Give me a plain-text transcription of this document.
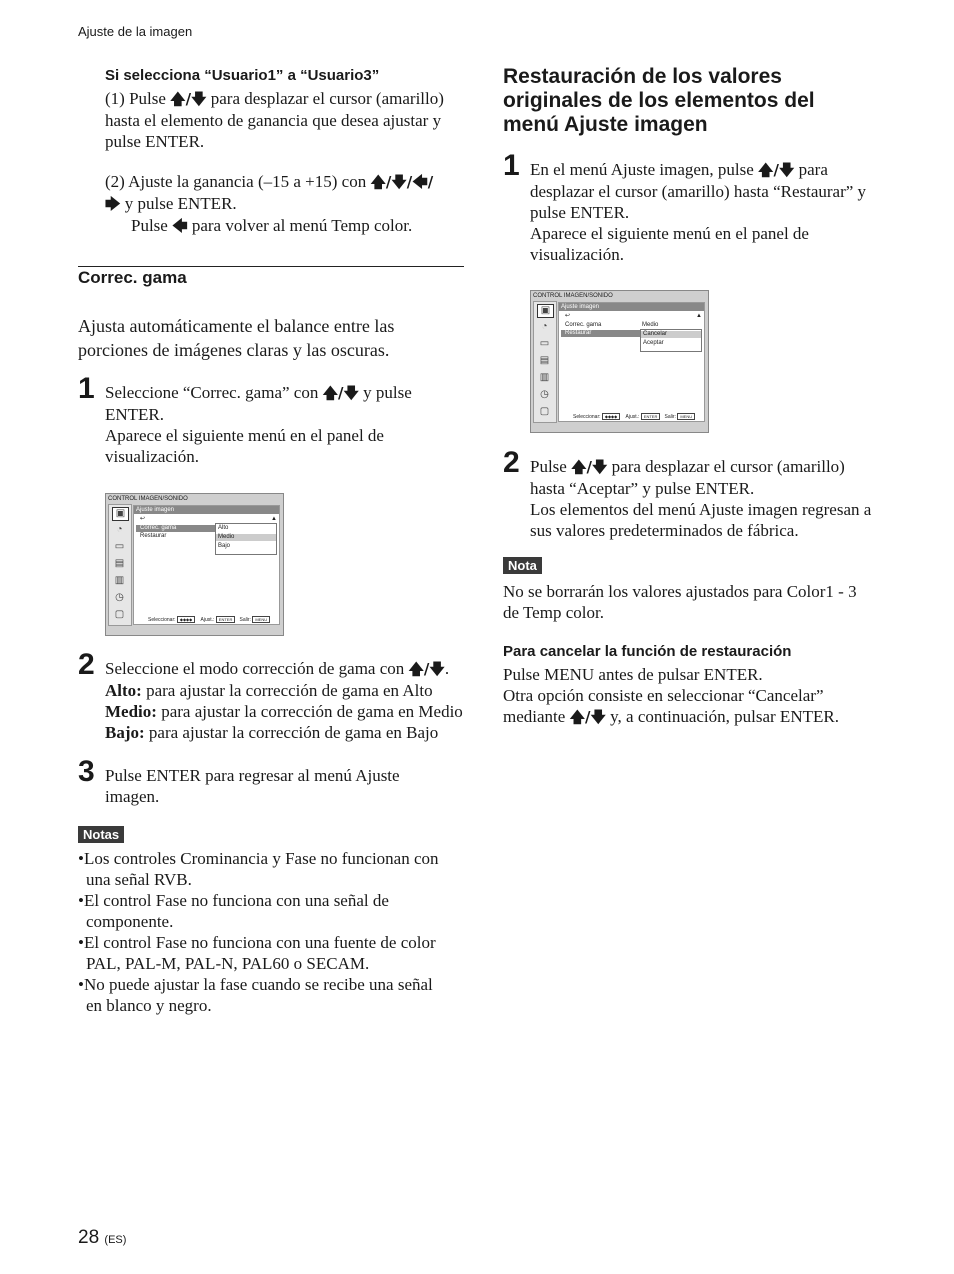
Ajuste de la imagen
Si selecciona “Usuario1” a “Usuario3”
(1) Pulse 🡅/🡇 para desplazar el cursor (amarillo)
hasta el elemento de ganancia que desea ajustar y
pulse ENTER.
(2) Ajuste la ganancia (–15 a +15) con 🡅/🡇/🡄/
🡆 y pulse ENTER.
Pulse 🡄 para volver al menú Temp color.
Correc. gama
Ajusta automáticamente el balance entre las
porciones de imágenes claras y las oscuras.
1 Seleccione “Correc. gama” con 🡅/🡇 y pulse
ENTER.
Aparece el siguiente menú en el panel de
visualización.
CONTROL IMAGEN/SONIDO
▣
◔
▭
▤
▥
◷
▢
Ajuste imagen
↩	▲
Correc. gama
Restaurar
Alto
Medio
Bajo
Seleccionar: ◆◆◆◆ Ajust.: ENTER Salir: MENU
2 Seleccione el modo corrección de gama con 🡅/🡇.
Alto: para ajustar la corrección de gama en Alto
Medio: para ajustar la corrección de gama en Medio
Bajo: para ajustar la corrección de gama en Bajo
3 Pulse ENTER para regresar al menú Ajuste
imagen.
Notas
•Los controles Crominancia y Fase no funcionan con
una señal RVB.
•El control Fase no funciona con una señal de
componente.
•El control Fase no funciona con una fuente de color
PAL, PAL-M, PAL-N, PAL60 o SECAM.
•No puede ajustar la fase cuando se recibe una señal
en blanco y negro.
Restauración de los valores
originales de los elementos del
menú Ajuste imagen
1 En el menú Ajuste imagen, pulse 🡅/🡇 para
desplazar el cursor (amarillo) hasta “Restaurar” y
pulse ENTER.
Aparece el siguiente menú en el panel de
visualización.
CONTROL IMAGEN/SONIDO
▣
◔
▭
▤
▥
◷
▢
Ajuste imagen
↩	▲
Correc. gama	Medio
Restaurar	Cancelar
Aceptar
Seleccionar: ◆◆◆◆ Ajust.: ENTER Salir: MENU
2 Pulse 🡅/🡇 para desplazar el cursor (amarillo)
hasta “Aceptar” y pulse ENTER.
Los elementos del menú Ajuste imagen regresan a
sus valores predeterminados de fábrica.
Nota
No se borrarán los valores ajustados para Color1 - 3
de Temp color.
Para cancelar la función de restauración
Pulse MENU antes de pulsar ENTER.
Otra opción consiste en seleccionar “Cancelar”
mediante 🡅/🡇 y, a continuación, pulsar ENTER.
28 (ES)
